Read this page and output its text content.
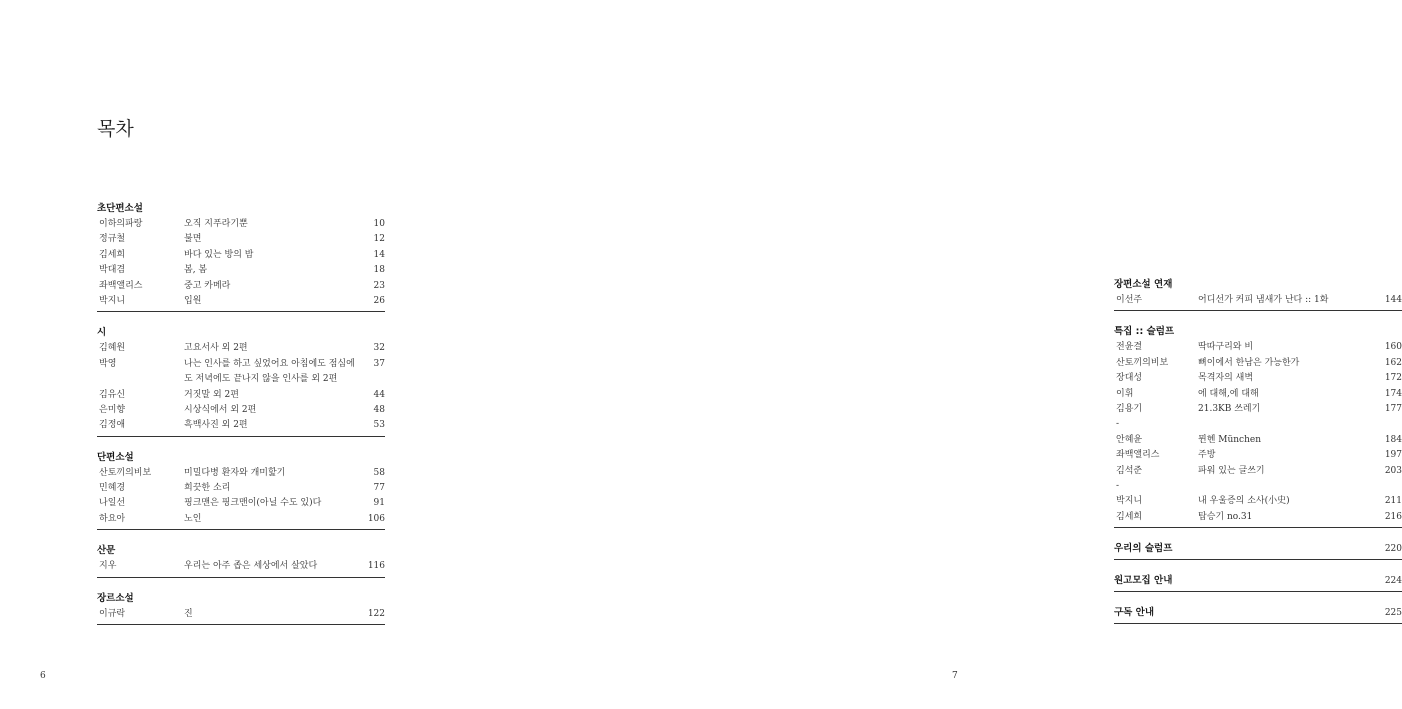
목차
초단편소설
이하의파랑	오직 지푸라기뿐	10
정규철	불면	12
김세희	바다 있는 방의 밤	14
박대겸	봄, 봄	18
좌백앨리스	중고 카메라	23
박지니	입원	26
시
김혜원	고요서사 외 2편	32
박영	나는 인사를 하고 싶었어요 아침에도 점심에 37
도 저녁에도 끝나지 않을 인사를 외 2편
김유신	거짓말 외 2편	44
은미향	시상식에서 외 2편	48
김정애	흑백사진 외 2편	53
단편소설
산토끼의비보	미밀다병 환자와 개미핥기	58
민혜경	희끗한 소리	77
나일선	핑크맨은 핑크맨이(아닐 수도 있)다	91
하요아	노인	106
산문
지우	우리는 아주 좁은 세상에서 살았다	116
장르소설
이규락	진	122
6
장편소설 연재
이선주	어디선가 커피 냄새가 난다 :: 1화	144
특집 :: 슬럼프
전윤결	딱따구리와 비	160
산토끼의비보	뼈이에서 한남은 가능한가	162
장대성	목격자의 새벽	172
이휘	에 대해,에 대해	174
김용기	21.3KB 쓰레기	177
-
안혜윤	뮌헨 München	184
좌백앨리스	주방	197
김석준	파워 있는 글쓰기	203
-
박지니	내 우울증의 소사(小史)	211
김세희	탑승기 no.31	216
우리의 슬럼프	220
원고모집 안내	224
구독 안내	225
7
